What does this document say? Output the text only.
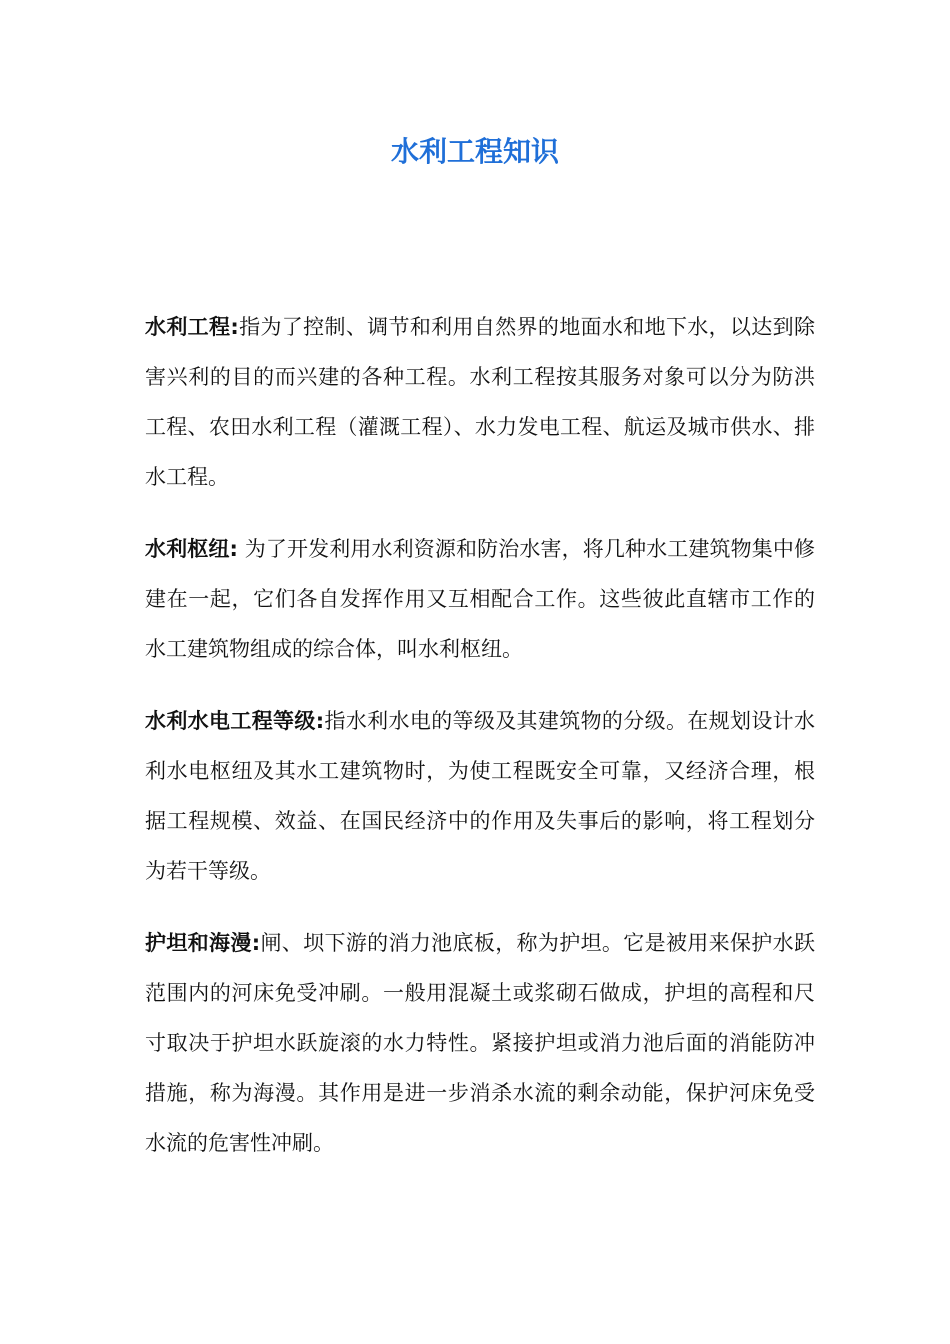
水利工程知识

水利工程:指为了控制、调节和利用自然界的地面水和地下水，以达到除害兴利的目的而兴建的各种工程。水利工程按其服务对象可以分为防洪工程、农田水利工程（灌溉工程）、水力发电工程、航运及城市供水、排水工程。

水利枢纽: 为了开发利用水利资源和防治水害，将几种水工建筑物集中修建在一起，它们各自发挥作用又互相配合工作。这些彼此直辖市工作的水工建筑物组成的综合体，叫水利枢纽。

水利水电工程等级:指水利水电的等级及其建筑物的分级。在规划设计水利水电枢纽及其水工建筑物时，为使工程既安全可靠，又经济合理，根据工程规模、效益、在国民经济中的作用及失事后的影响，将工程划分为若干等级。

护坦和海漫:闸、坝下游的消力池底板，称为护坦。它是被用来保护水跃范围内的河床免受冲刷。一般用混凝土或浆砌石做成，护坦的高程和尺寸取决于护坦水跃旋滚的水力特性。紧接护坦或消力池后面的消能防冲措施，称为海漫。其作用是进一步消杀水流的剩余动能，保护河床免受水流的危害性冲刷。
